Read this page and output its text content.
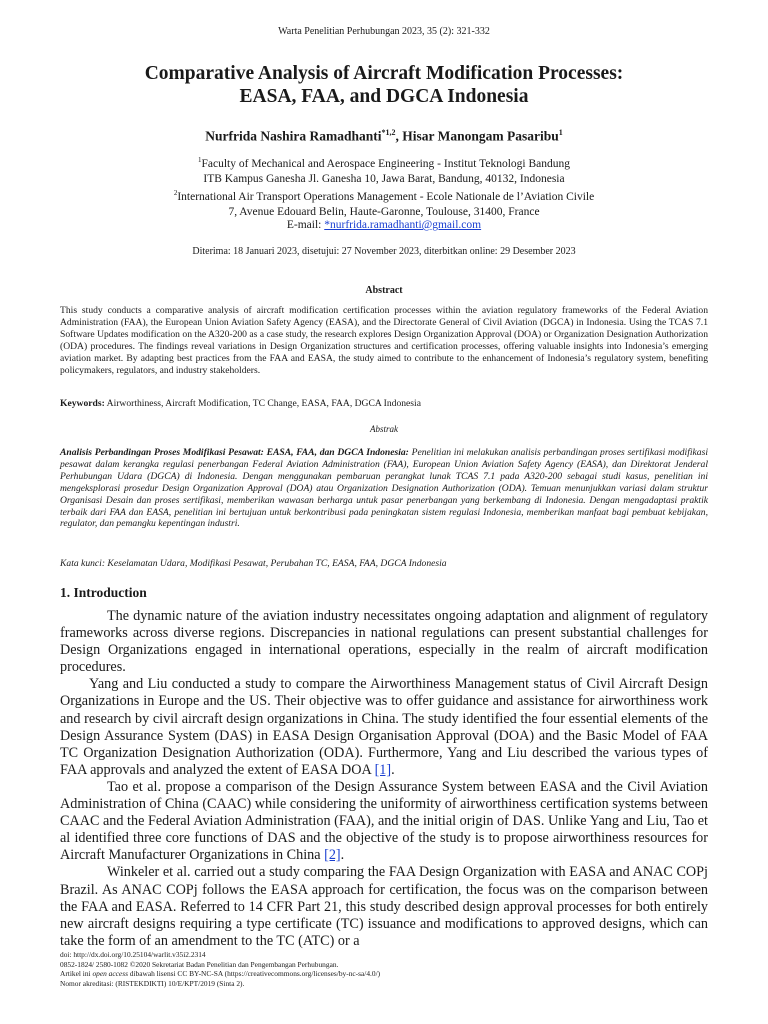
Warta Penelitian Perhubungan 2023, 35 (2): 321-332
Comparative Analysis of Aircraft Modification Processes:
EASA, FAA, and DGCA Indonesia
Nurfrida Nashira Ramadhanti$^{*1,2}$, Hisar Manongam Pasaribu$^1$
$^1$Faculty of Mechanical and Aerospace Engineering - Institut Teknologi Bandung
ITB Kampus Ganesha Jl. Ganesha 10, Jawa Barat, Bandung, 40132, Indonesia
$^2$International Air Transport Operations Management - Ecole Nationale de l’Aviation Civile
7, Avenue Edouard Belin, Haute-Garonne, Toulouse, 31400, France
E-mail: *nurfrida.ramadhanti@gmail.com
Diterima: 18 Januari 2023, disetujui: 27 November 2023, diterbitkan online: 29 Desember 2023
Abstract
This study conducts a comparative analysis of aircraft modification certification processes within the aviation regulatory frameworks of the Federal Aviation Administration (FAA), the European Union Aviation Safety Agency (EASA), and the Directorate General of Civil Aviation (DGCA) in Indonesia. Using the TCAS 7.1 Software Updates modification on the A320-200 as a case study, the research explores Design Organization Approval (DOA) or Organization Designation Authorization (ODA) procedures. The findings reveal variations in Design Organization structures and certification processes, offering valuable insights into Indonesia’s emerging aviation market. By adapting best practices from the FAA and EASA, the study aimed to contribute to the enhancement of Indonesia’s regulatory system, benefiting policymakers, regulators, and industry stakeholders.
Keywords: Airworthiness, Aircraft Modification, TC Change, EASA, FAA, DGCA Indonesia
Abstrak
Analisis Perbandingan Proses Modifikasi Pesawat: EASA, FAA, dan DGCA Indonesia: Penelitian ini melakukan analisis perbandingan proses sertifikasi modifikasi pesawat dalam kerangka regulasi penerbangan Federal Aviation Administration (FAA), European Union Aviation Safety Agency (EASA), dan Direktorat Jenderal Perhubungan Udara (DGCA) di Indonesia. Dengan menggunakan pembaruan perangkat lunak TCAS 7.1 pada A320-200 sebagai studi kasus, penelitian ini mengeksplorasi prosedur Design Organization Approval (DOA) atau Organization Designation Authorization (ODA). Temuan menunjukkan variasi dalam struktur Organisasi Desain dan proses sertifikasi, memberikan wawasan berharga untuk pasar penerbangan yang berkembang di Indonesia. Dengan mengadaptasi praktik terbaik dari FAA dan EASA, penelitian ini bertujuan untuk berkontribusi pada peningkatan sistem regulasi Indonesia, memberikan manfaat bagi pembuat kebijakan, regulator, dan pemangku kepentingan industri.
Kata kunci: Keselamatan Udara, Modifikasi Pesawat, Perubahan TC, EASA, FAA, DGCA Indonesia
1. Introduction

The dynamic nature of the aviation industry necessitates ongoing adaptation and alignment of regulatory frameworks across diverse regions. Discrepancies in national regulations can present substantial challenges for Design Organizations engaged in international operations, especially in the realm of aircraft modification procedures.

Yang and Liu conducted a study to compare the Airworthiness Management status of Civil Aircraft Design Organizations in Europe and the US. Their objective was to offer guidance and assistance for airworthiness work and research by civil aircraft design organizations in China. The study identified the four essential elements of the Design Assurance System (DAS) in EASA Design Organisation Approval (DOA) and the Basic Model of FAA TC Organization Designation Authorization (ODA). Furthermore, Yang and Liu described the various types of FAA approvals and analyzed the extent of EASA DOA [1].

Tao et al. propose a comparison of the Design Assurance System between EASA and the Civil Aviation Administration of China (CAAC) while considering the uniformity of airworthiness certification systems between CAAC and the Federal Aviation Administration (FAA), and the initial origin of DAS. Unlike Yang and Liu, Tao et al identified three core functions of DAS and the objective of the study is to propose airworthiness resources for Aircraft Manufacturer Organizations in China [2].

Winkeler et al. carried out a study comparing the FAA Design Organization with EASA and ANAC COPj Brazil. As ANAC COPj follows the EASA approach for certification, the focus was on the comparison between the FAA and EASA. Referred to 14 CFR Part 21, this study described design approval processes for both entirely new aircraft designs requiring a type certificate (TC) issuance and modifications to approved designs, which can take the form of an amendment to the TC (ATC) or a

doi: http://dx.doi.org/10.25104/warlit.v35i2.2314
0852-1824/ 2580-1082 ©2020 Sekretariat Badan Penelitian dan Pengembangan Perhubungan.
Artikel ini open access dibawah lisensi CC BY-NC-SA (https://creativecommons.org/licenses/by-nc-sa/4.0/)
Nomor akreditasi: (RISTEKDIKTI) 10/E/KPT/2019 (Sinta 2).
